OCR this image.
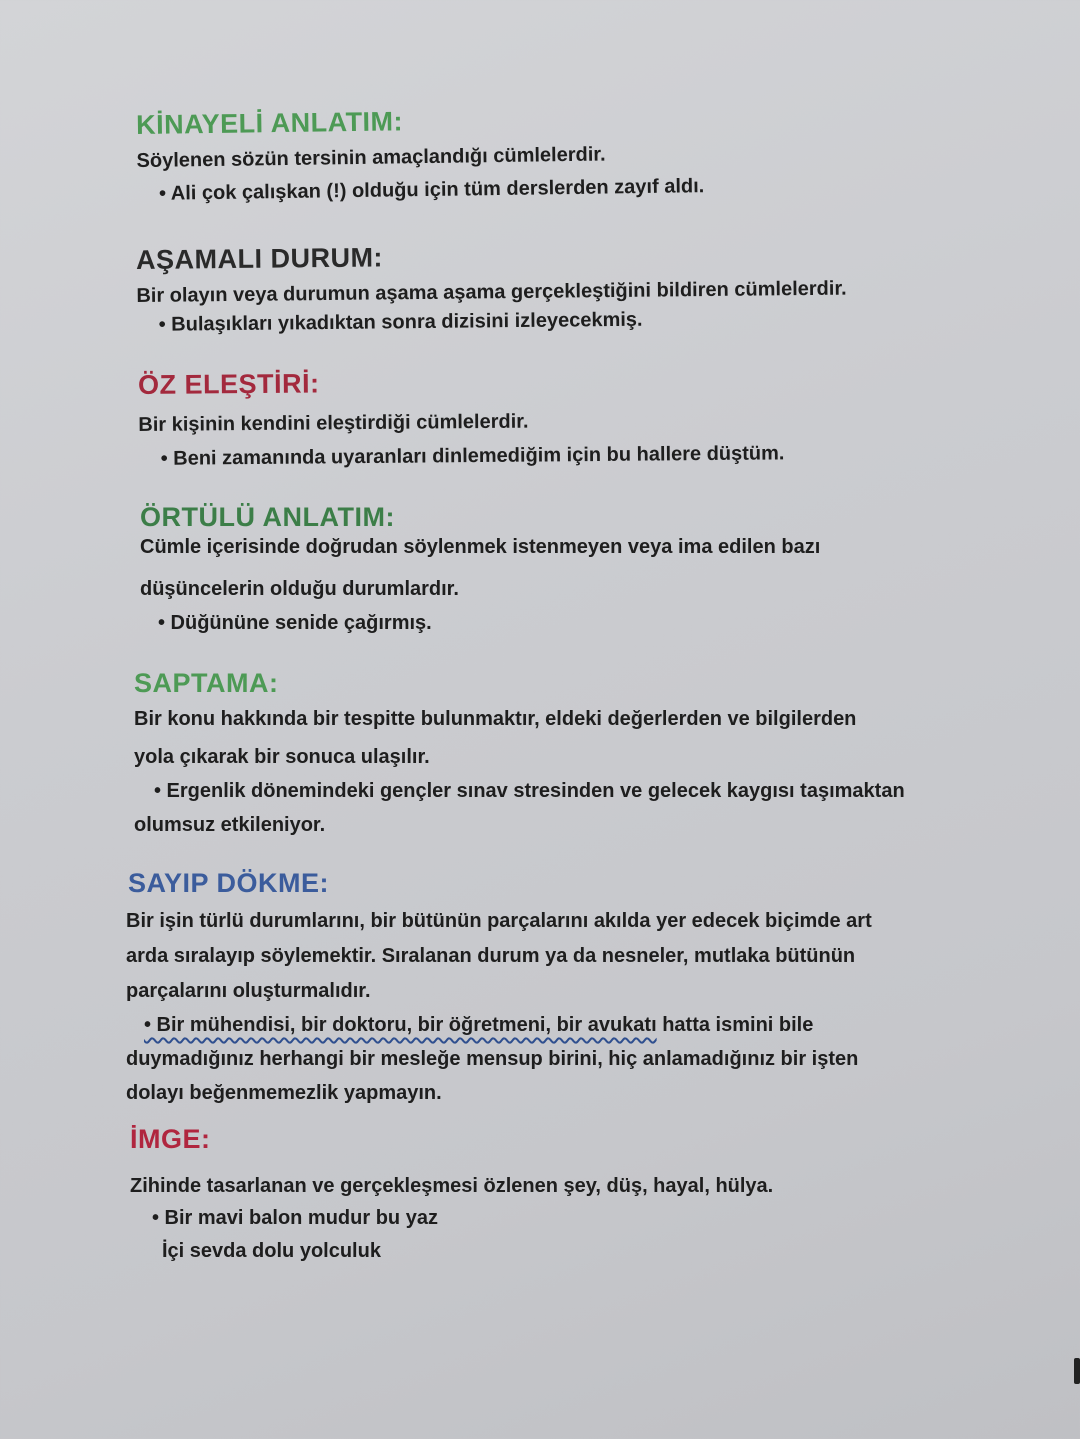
KİNAYELİ ANLATIM:
Söylenen sözün tersinin amaçlandığı cümlelerdir.
• Ali çok çalışkan (!) olduğu için tüm derslerden zayıf aldı.
AŞAMALI DURUM:
Bir olayın veya durumun aşama aşama gerçekleştiğini bildiren cümlelerdir.
• Bulaşıkları yıkadıktan sonra dizisini izleyecekmiş.
ÖZ ELEŞTİRİ:
Bir kişinin kendini eleştirdiği cümlelerdir.
• Beni zamanında uyaranları dinlemediğim için bu hallere düştüm.
ÖRTÜLÜ ANLATIM:
Cümle içerisinde doğrudan söylenmek istenmeyen veya ima edilen bazı
düşüncelerin olduğu durumlardır.
• Düğününe senide çağırmış.
SAPTAMA:
Bir konu hakkında bir tespitte bulunmaktır, eldeki değerlerden ve bilgilerden
yola çıkarak bir sonuca ulaşılır.
• Ergenlik dönemindeki gençler sınav stresinden ve gelecek kaygısı taşımaktan
olumsuz etkileniyor.
SAYIP DÖKME:
Bir işin türlü durumlarını, bir bütünün parçalarını akılda yer edecek biçimde art
arda sıralayıp söylemektir. Sıralanan durum ya da nesneler, mutlaka bütünün
parçalarını oluşturmalıdır.
• Bir mühendisi, bir doktoru, bir öğretmeni, bir avukatı hatta ismini bile
duymadığınız herhangi bir mesleğe mensup birini, hiç anlamadığınız bir işten
dolayı beğenmemezlik yapmayın.
İMGE:
Zihinde tasarlanan ve gerçekleşmesi özlenen şey, düş, hayal, hülya.
• Bir mavi balon mudur bu yaz
İçi sevda dolu yolculuk
